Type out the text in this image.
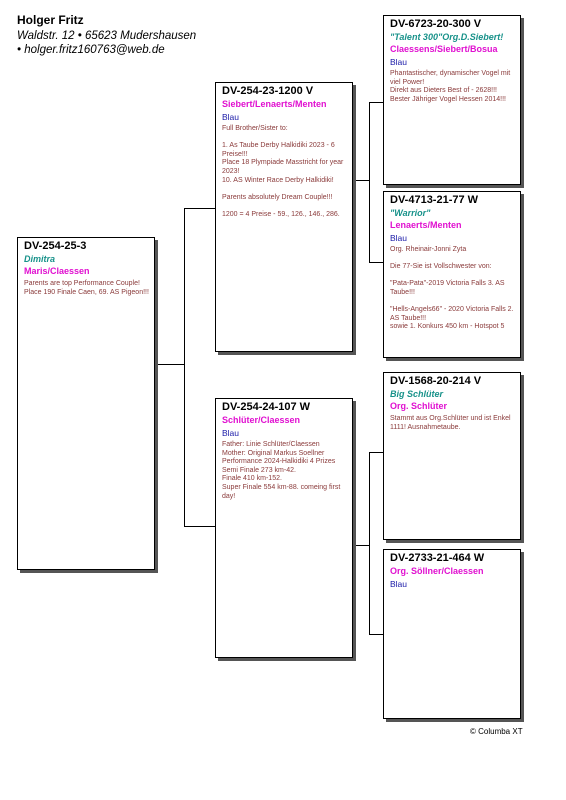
Holger Fritz
Waldstr. 12 • 65623 Mudershausen
• holger.fritz160763@web.de
DV-254-25-3
Dimitra
Maris/Claessen
Parents are top Performance Couple!
Place 190 Finale Caen, 69. AS Pigeon!!!
DV-254-23-1200 V
Siebert/Lenaerts/Menten
Blau
Full Brother/Sister to:

1. As Taube Derby Halkidiki 2023 - 6 Preise!!!
Place 18 Plympiade Masstricht for year 2023!
10. AS Winter Race Derby Halkidiki!

Parents absolutely Dream Couple!!!

1200 = 4 Preise - 59., 126., 146., 286.
DV-254-24-107 W
Schlüter/Claessen
Blau
Father: Linie Schlüter/Claessen
Mother: Original Markus Soellner Performance 2024-Halkidiki 4 Prizes
Semi Finale 273 km-42.
Finale 410 km-152.
Super Finale 554 km-88. comeing first day!
DV-6723-20-300 V
"Talent 300"Org.D.Siebert!
Claessens/Siebert/Bosua
Blau
Phantastischer, dynamischer Vogel mit viel Power!
Direkt aus Dieters Best of - 2628!!!
Bester Jähriger Vogel Hessen 2014!!!
DV-4713-21-77 W
"Warrior"
Lenaerts/Menten
Blau
Org. Rheinair-Jonni Zyta

Die 77-Sie ist Vollschwester von:

"Pata-Pata"-2019 Victoria Falls 3. AS Taube!!!

"Hells-Angels66" - 2020 Victoria Falls 2. AS Taube!!!
sowie 1. Konkurs 450 km - Hotspot 5
DV-1568-20-214 V
Big Schlüter
Org. Schlüter
Stammt aus Org.Schlüter und ist Enkel 1111! Ausnahmetaube.
DV-2733-21-464 W
Org. Söllner/Claessen
Blau
© Columba XT
